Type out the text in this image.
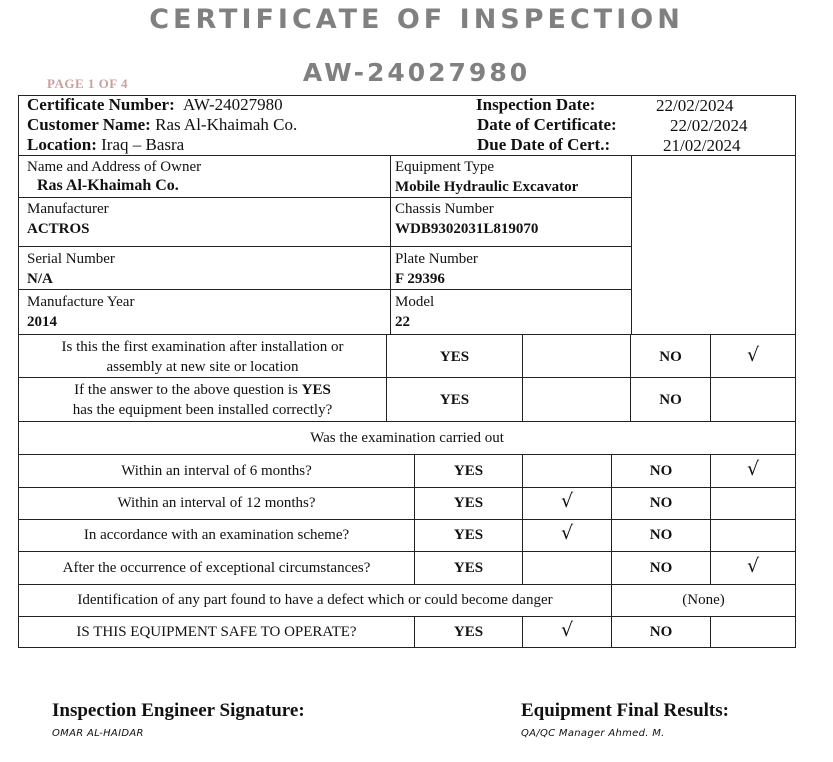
CERTIFICATE OF INSPECTION
PAGE 1 OF 4	AW-24027980
Certificate Number: AW-24027980
Customer Name: Ras Al-Khaimah Co.
Location: Iraq – Basra
Inspection Date:	22/02/2024
Date of Certificate:	22/02/2024
Due Date of Cert.:	21/02/2024
Name and Address of Owner
Ras Al-Khaimah Co.
Equipment Type
Mobile Hydraulic Excavator
Manufacturer
ACTROS
Chassis Number
WDB9302031L819070
Serial Number
N/A
Plate Number
F 29396
Manufacture Year
2014
Model
22
Is this the first examination after installation or
assembly at new site or location
YES	NO	√
If the answer to the above question is YES
has the equipment been installed correctly?
YES	NO
Was the examination carried out
Within an interval of 6 months?	YES	NO	√
Within an interval of 12 months?	YES	√	NO
In accordance with an examination scheme?	YES	√	NO
After the occurrence of exceptional circumstances?	YES	NO	√
Identification of any part found to have a defect which or could become danger	(None)
IS THIS EQUIPMENT SAFE TO OPERATE?	YES	√	NO
Inspection Engineer Signature:
OMAR AL-HAIDAR
Equipment Final Results:
QA/QC Manager Ahmed. M.
